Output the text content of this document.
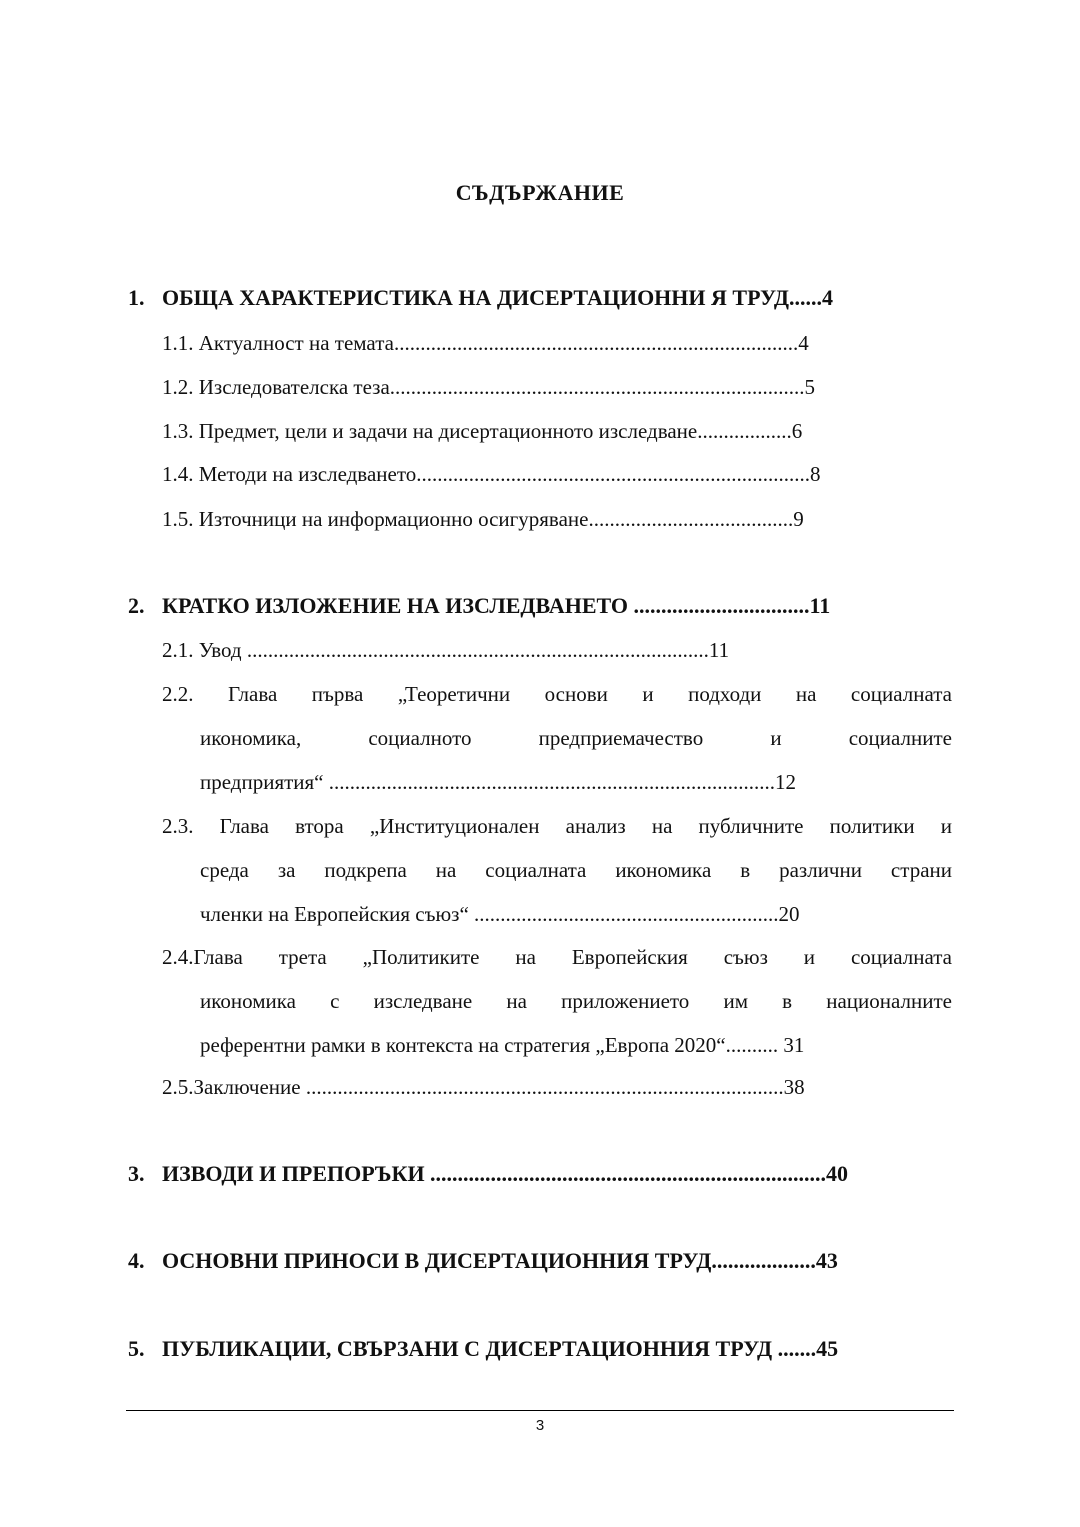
СЪДЪРЖАНИЕ
1. ОБЩА ХАРАКТЕРИСТИКА НА ДИСЕРТАЦИОННИ Я ТРУД......4
1.1. Актуалност на темата.............................................................................4
1.2. Изследователска теза...............................................................................5
1.3. Предмет, цели и задачи на дисертационното изследване..................6
1.4. Методи на изследването...........................................................................8
1.5. Източници на информационно осигуряване.......................................9
2. КРАТКО ИЗЛОЖЕНИЕ НА ИЗСЛЕДВАНЕТО ................................11
2.1. Увод ........................................................................................11
2.2. Глава първа „Теоретични основи и подходи на социалната
икономика, социалното предприемачество и социалните
предприятия“ .....................................................................................12
2.3. Глава втора „Институционален анализ на публичните политики и
среда за подкрепа на социалната икономика в различни страни
членки на Европейския съюз“ ..........................................................20
2.4.Глава трета „Политиките на Европейския съюз и социалната
икономика с изследване на приложението им в националните
референтни рамки в контекста на стратегия „Европа 2020“.......... 31
2.5.Заключение ...........................................................................................38
3. ИЗВОДИ И ПРЕПОРЪКИ ........................................................................40
4. ОСНОВНИ ПРИНОСИ В ДИСЕРТАЦИОННИЯ ТРУД...................43
5. ПУБЛИКАЦИИ, СВЪРЗАНИ С ДИСЕРТАЦИОННИЯ ТРУД .......45
3
